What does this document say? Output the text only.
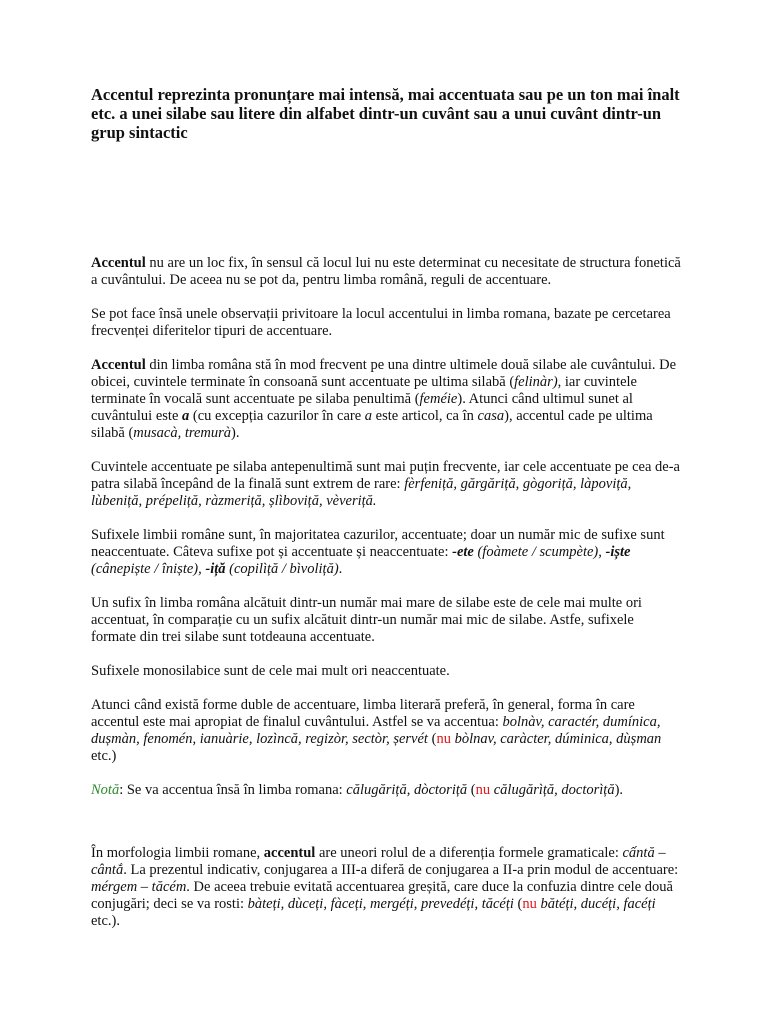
Accentul reprezinta pronunțare mai intensă, mai accentuata sau pe un ton mai înalt etc. a unei silabe sau litere din alfabet dintr-un cuvânt sau a unui cuvânt dintr-un grup sintactic

Accentul nu are un loc fix, în sensul că locul lui nu este determinat cu necesitate de structura fonetică a cuvântului. De aceea nu se pot da, pentru limba română, reguli de accentuare.

Se pot face însă unele observații privitoare la locul accentului in limba romana, bazate pe cercetarea frecvenței diferitelor tipuri de accentuare.

Accentul din limba româna stă în mod frecvent pe una dintre ultimele două silabe ale cuvântului. De obicei, cuvintele terminate în consoană sunt accentuate pe ultima silabă (felinàr), iar cuvintele terminate în vocală sunt accentuate pe silaba penultimă (feméie). Atunci când ultimul sunet al cuvântului este a (cu excepția cazurilor în care a este articol, ca în casa), accentul cade pe ultima silabă (musacà, tremurà).

Cuvintele accentuate pe silaba antepenultimă sunt mai puțin frecvente, iar cele accentuate pe cea de-a patra silabă începând de la finală sunt extrem de rare: fèrfeniță, gărgăriță, gògoriță, làpoviță, lùbeniță, prépeliță, ràzmeriță, șlìboviță, vèveriță.

Sufixele limbii române sunt, în majoritatea cazurilor, accentuate; doar un număr mic de sufixe sunt neaccentuate. Câteva sufixe pot și accentuate și neaccentuate: -ete (foàmete / scumpète), -iște (cânepiște / îniște), -iță (copilìță / bìvoliță).

Un sufix în limba româna alcătuit dintr-un număr mai mare de silabe este de cele mai multe ori accentuat, în comparație cu un sufix alcătuit dintr-un număr mai mic de silabe. Astfe, sufixele formate din trei silabe sunt totdeauna accentuate.

Sufixele monosilabice sunt de cele mai mult ori neaccentuate.

Atunci când există forme duble de accentuare, limba literară preferă, în general, forma în care accentul este mai apropiat de finalul cuvântului. Astfel se va accentua: bolnàv, caractér, dumínica, dușmàn, fenomén, ianuàrie, lozìncă, regizòr, sectòr, șervét (nu bòlnav, caràcter, dúminica, dùșman etc.)

Notă: Se va accentua însă în limba romana: călugăriță, dòctoriță (nu călugărìță, doctorìță).

În morfologia limbii romane, accentul are uneori rolul de a diferenția formele gramaticale: cấntă – cântắ. La prezentul indicativ, conjugarea a III-a diferă de conjugarea a II-a prin modul de accentuare: mérgem – tăcém. De aceea trebuie evitată accentuarea greșită, care duce la confuzia dintre cele două conjugări; deci se va rosti: bàteți, dùceți, fàceți, mergéți, prevedéți, tăcéți (nu bătéți, ducéți, facéți etc.).
